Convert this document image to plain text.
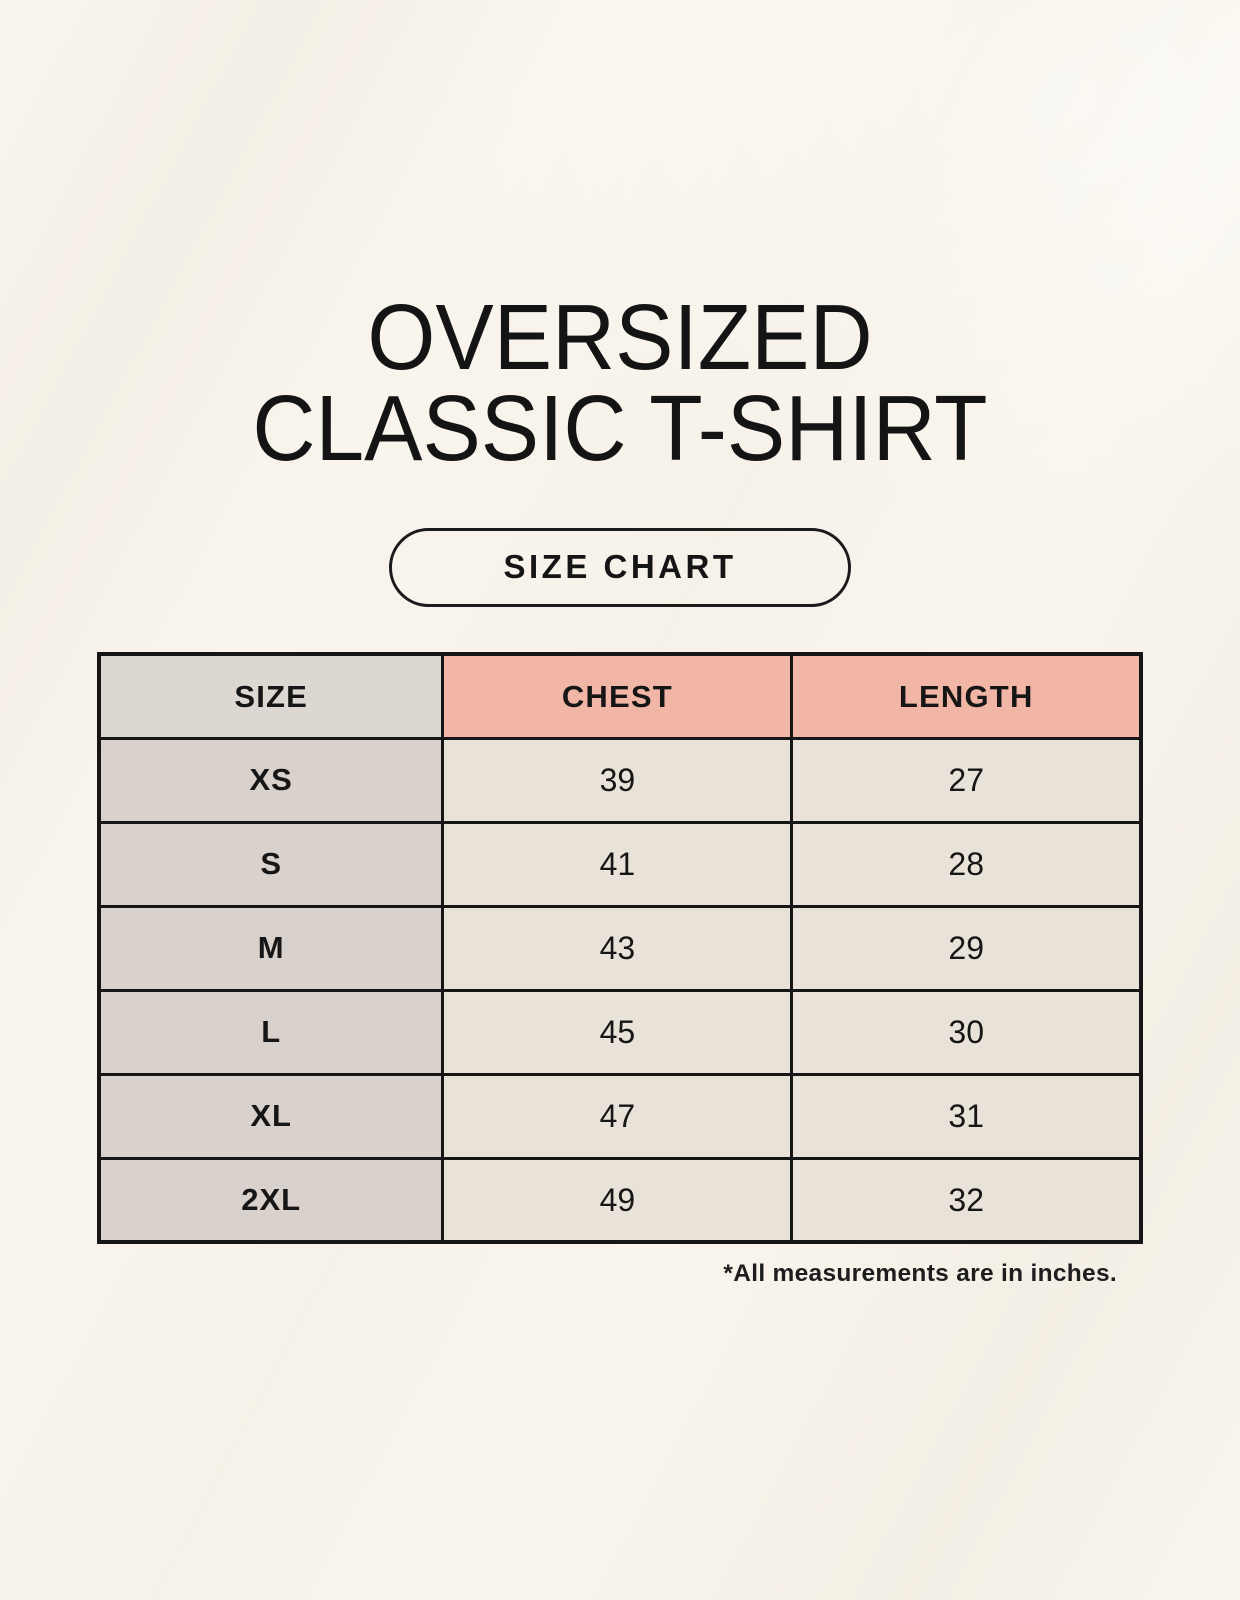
OVERSIZED
CLASSIC T-SHIRT
SIZE CHART
SIZE	CHEST	LENGTH
XS	39	27
S	41	28
M	43	29
L	45	30
XL	47	31
2XL	49	32

*All measurements are in inches.
